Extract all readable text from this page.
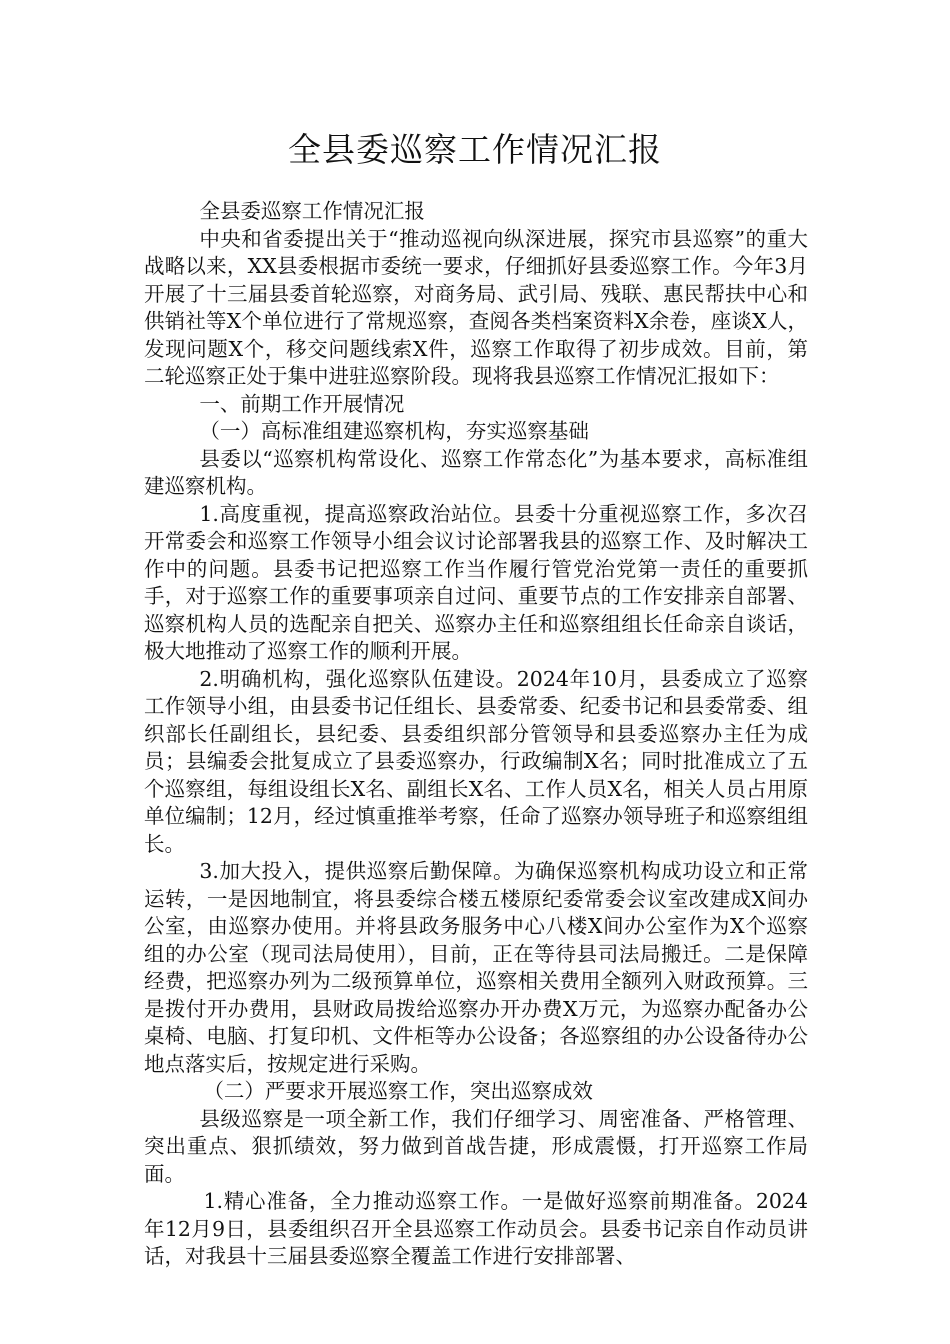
全县委巡察工作情况汇报

全县委巡察工作情况汇报

中央和省委提出关于“推动巡视向纵深进展，探究市县巡察”的重大战略以来，XX县委根据市委统一要求，仔细抓好县委巡察工作。今年3月开展了十三届县委首轮巡察，对商务局、武引局、残联、惠民帮扶中心和供销社等X个单位进行了常规巡察，查阅各类档案资料X余卷，座谈X人，发现问题X个，移交问题线索X件，巡察工作取得了初步成效。目前，第二轮巡察正处于集中进驻巡察阶段。现将我县巡察工作情况汇报如下：

一、前期工作开展情况

（一）高标准组建巡察机构，夯实巡察基础

县委以“巡察机构常设化、巡察工作常态化”为基本要求，高标准组建巡察机构。

1.高度重视，提高巡察政治站位。县委十分重视巡察工作，多次召开常委会和巡察工作领导小组会议讨论部署我县的巡察工作、及时解决工作中的问题。县委书记把巡察工作当作履行管党治党第一责任的重要抓手，对于巡察工作的重要事项亲自过问、重要节点的工作安排亲自部署、巡察机构人员的选配亲自把关、巡察办主任和巡察组组长任命亲自谈话，极大地推动了巡察工作的顺利开展。

2.明确机构，强化巡察队伍建设。2024年10月，县委成立了巡察工作领导小组，由县委书记任组长、县委常委、纪委书记和县委常委、组织部长任副组长，县纪委、县委组织部分管领导和县委巡察办主任为成员；县编委会批复成立了县委巡察办，行政编制X名；同时批准成立了五个巡察组，每组设组长X名、副组长X名、工作人员X名，相关人员占用原单位编制；12月，经过慎重推举考察，任命了巡察办领导班子和巡察组组长。

3.加大投入，提供巡察后勤保障。为确保巡察机构成功设立和正常运转，一是因地制宜，将县委综合楼五楼原纪委常委会议室改建成X间办公室，由巡察办使用。并将县政务服务中心八楼X间办公室作为X个巡察组的办公室（现司法局使用），目前，正在等待县司法局搬迁。二是保障经费，把巡察办列为二级预算单位，巡察相关费用全额列入财政预算。三是拨付开办费用，县财政局拨给巡察办开办费X万元，为巡察办配备办公桌椅、电脑、打复印机、文件柜等办公设备；各巡察组的办公设备待办公地点落实后，按规定进行采购。

（二）严要求开展巡察工作，突出巡察成效

县级巡察是一项全新工作，我们仔细学习、周密准备、严格管理、突出重点、狠抓绩效，努力做到首战告捷，形成震慑，打开巡察工作局面。

1.精心准备，全力推动巡察工作。一是做好巡察前期准备。2024年12月9日，县委组织召开全县巡察工作动员会。县委书记亲自作动员讲话，对我县十三届县委巡察全覆盖工作进行安排部署、
